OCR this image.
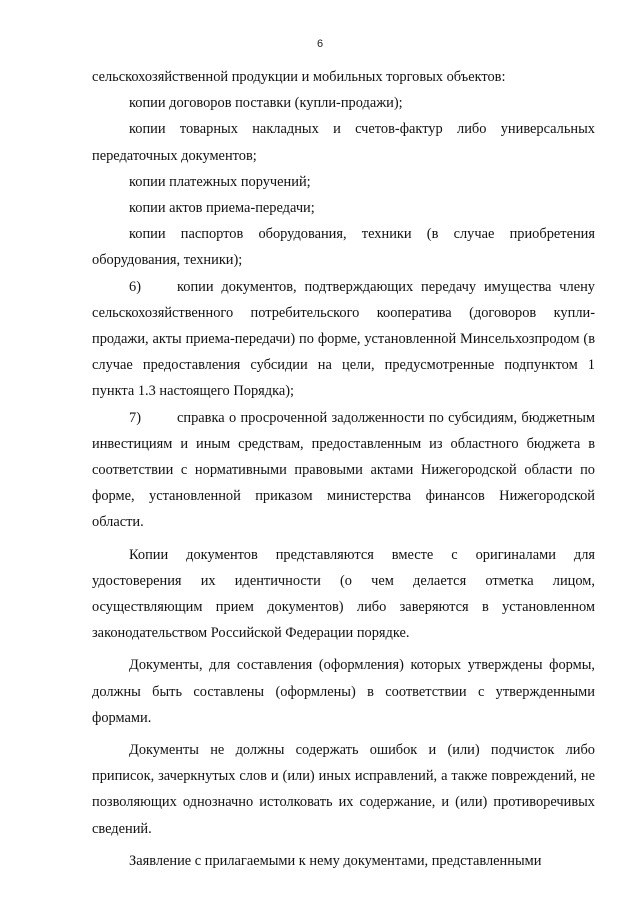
6

сельскохозяйственной продукции и мобильных торговых объектов:

копии договоров поставки (купли-продажи);

копии товарных накладных и счетов-фактур либо универсальных передаточных документов;

копии платежных поручений;

копии актов приема-передачи;

копии паспортов оборудования, техники (в случае приобретения оборудования, техники);

6)	копии документов, подтверждающих передачу имущества члену сельскохозяйственного потребительского кооператива (договоров купли-продажи, акты приема-передачи) по форме, установленной Минсельхозпродом (в случае предоставления субсидии на цели, предусмотренные подпунктом 1 пункта 1.3 настоящего Порядка);

7)	справка о просроченной задолженности по субсидиям, бюджетным инвестициям и иным средствам, предоставленным из областного бюджета в соответствии с нормативными правовыми актами Нижегородской области по форме, установленной приказом министерства финансов Нижегородской области.

Копии документов представляются вместе с оригиналами для удостоверения их идентичности (о чем делается отметка лицом, осуществляющим прием документов) либо заверяются в установленном законодательством Российской Федерации порядке.

Документы, для составления (оформления) которых утверждены формы, должны быть составлены (оформлены) в соответствии с утвержденными формами.

Документы не должны содержать ошибок и (или) подчисток либо приписок, зачеркнутых слов и (или) иных исправлений, а также повреждений, не позволяющих однозначно истолковать их содержание, и (или) противоречивых сведений.

Заявление с прилагаемыми к нему документами, представленными
